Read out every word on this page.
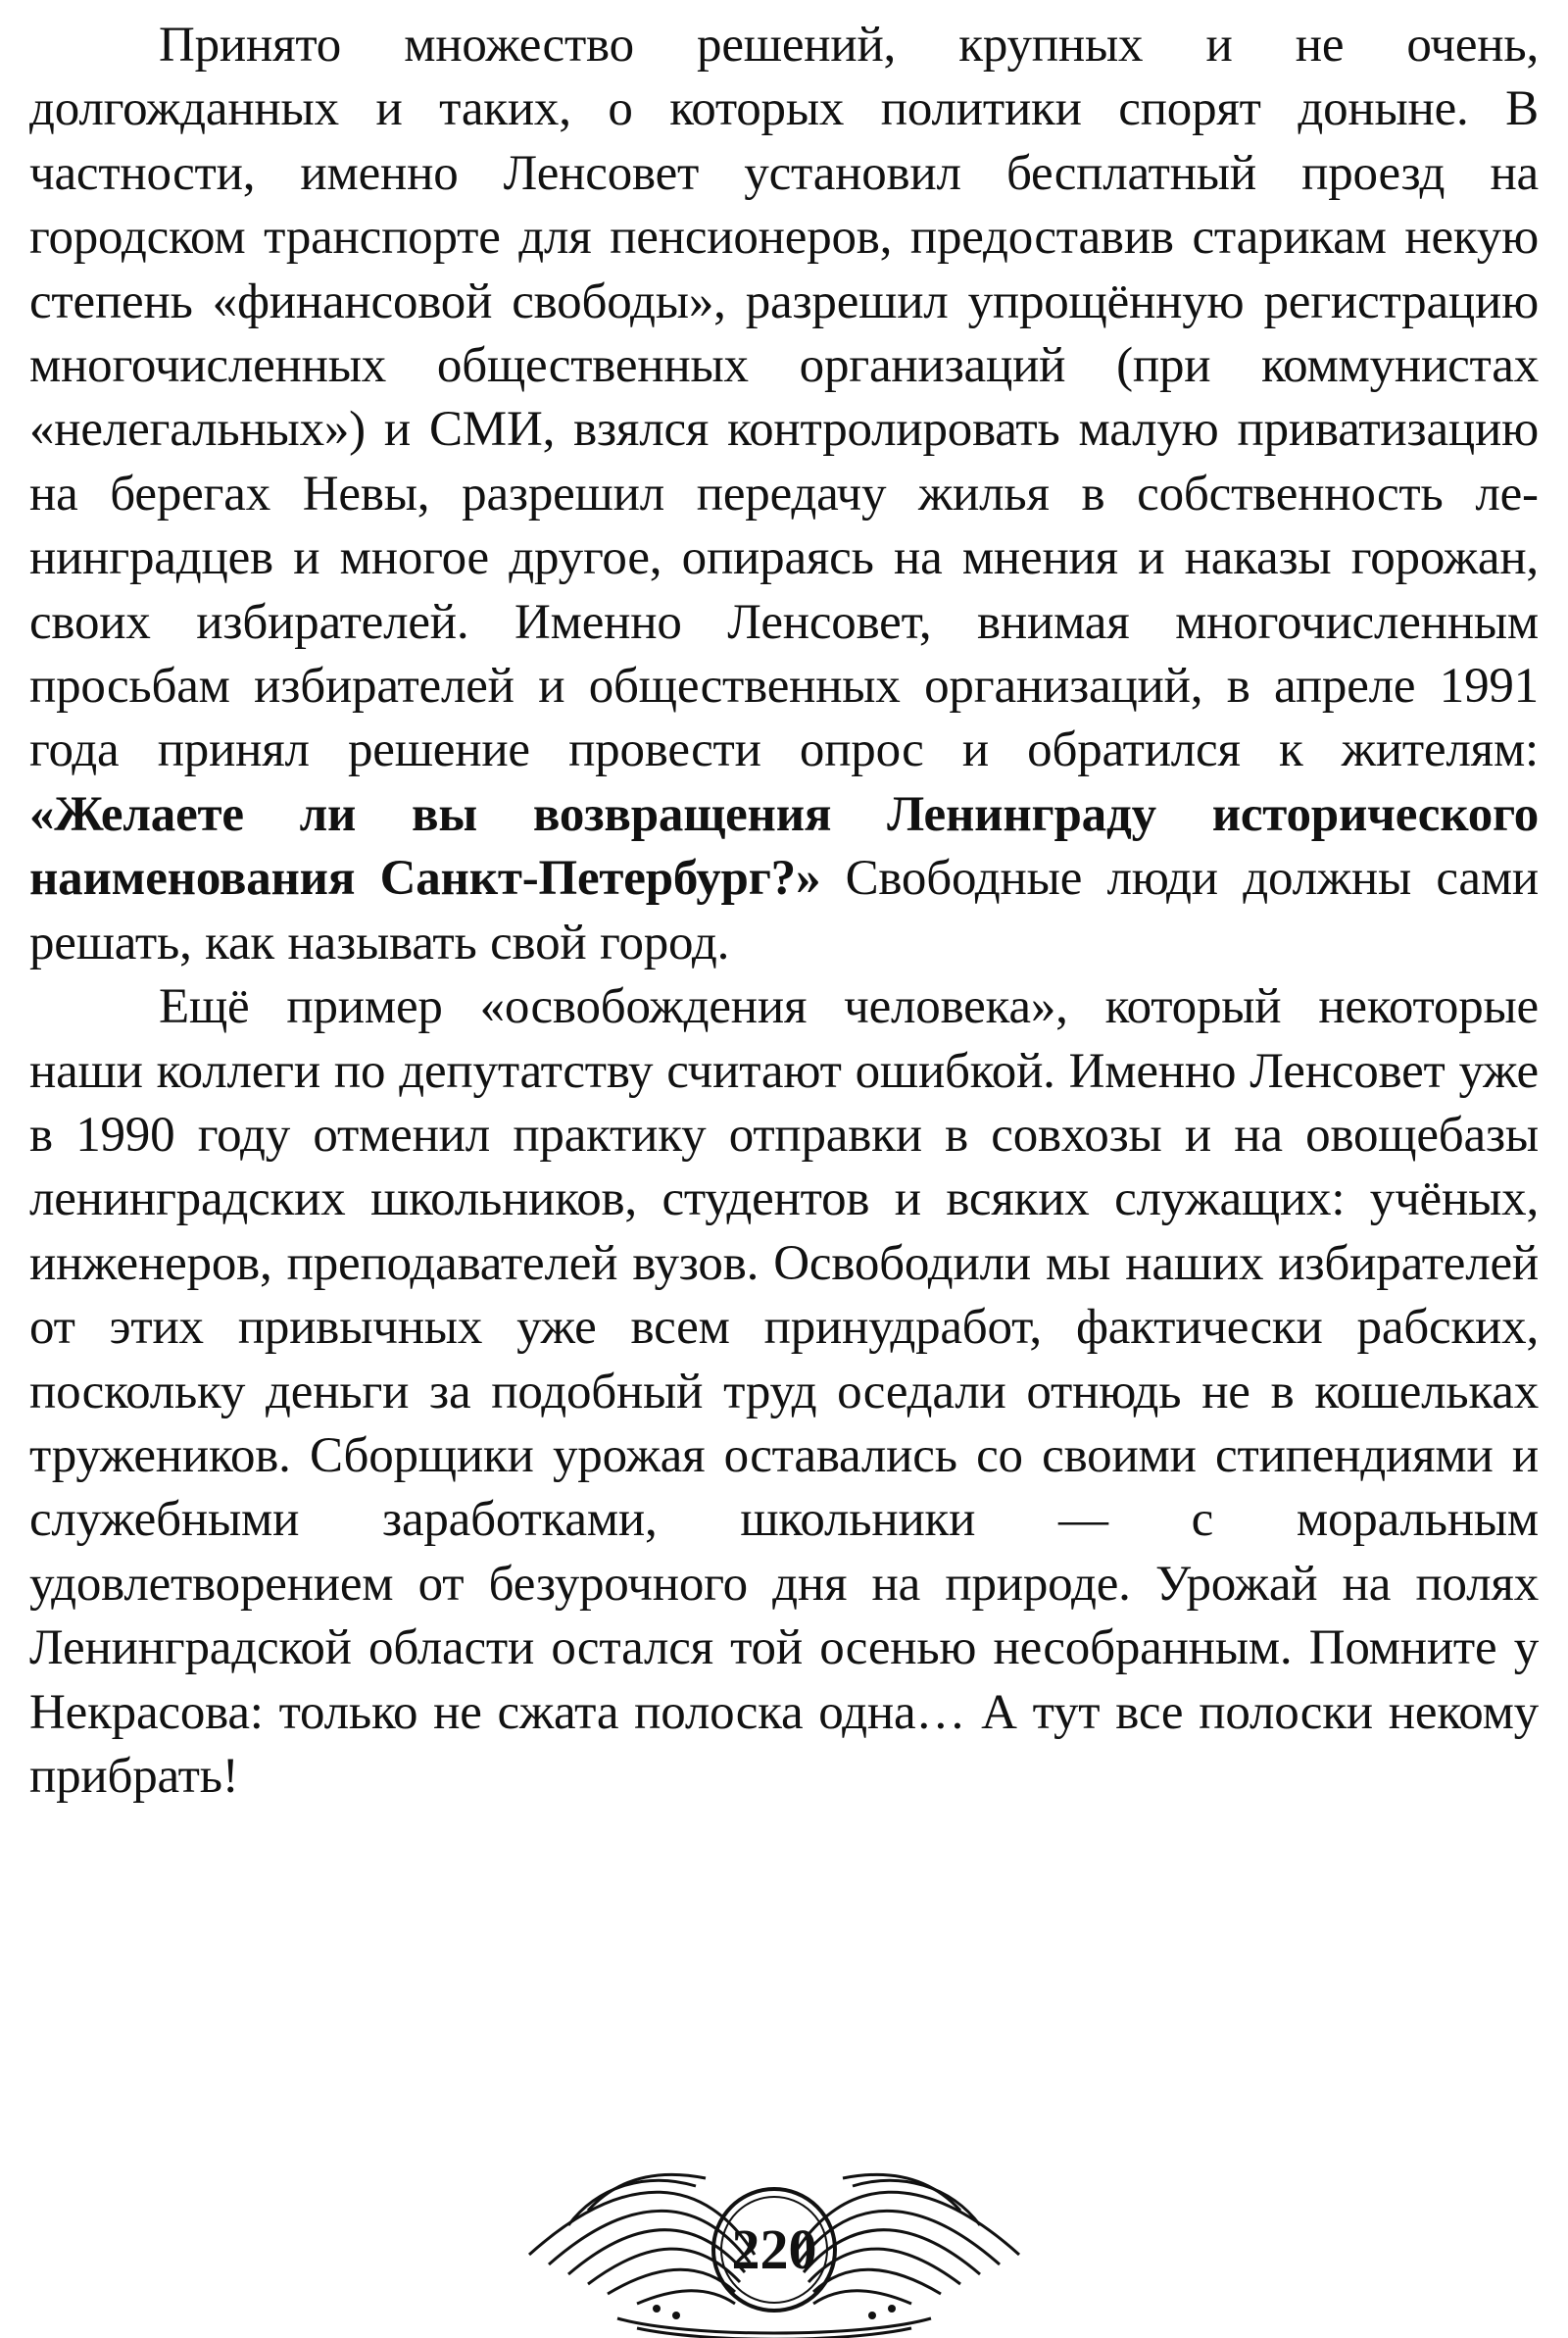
Принято множество решений, крупных и не очень, долгожданных и таких, о которых политики спорят доныне. В частности, именно Ленсовет установил бесплатный проезд на городском транспорте для пенсионеров, предоставив старикам некую степень «финансовой свободы», разрешил упрощённую регистрацию многочисленных общественных организаций (при коммунистах «нелегальных») и СМИ, взялся контролировать малую приватизацию на берегах Невы, разрешил передачу жилья в собственность ленинградцев и многое другое, опираясь на мнения и наказы горожан, своих избирателей. Именно Ленсовет, внимая многочисленным просьбам избирателей и общественных организаций, в апреле 1991 года принял решение провести опрос и обратился к жителям: «Желаете ли вы возвращения Ленинграду исторического наименования Санкт-Петербург?» Свободные люди должны сами решать, как называть свой город.

Ещё пример «освобождения человека», который некоторые наши коллеги по депутатству считают ошибкой. Именно Ленсовет уже в 1990 году отменил практику отправки в совхозы и на овощебазы ленинградских школьников, студентов и всяких служащих: учёных, инженеров, преподавателей вузов. Освободили мы наших избирателей от этих привычных уже всем принудработ, фактически рабских, поскольку деньги за подобный труд оседали отнюдь не в кошельках тружеников. Сборщики урожая оставались со своими стипендиями и служебными заработками, школьники — с моральным удовлетворением от безурочного дня на природе. Урожай на полях Ленинградской области остался той осенью несобранным. Помните у Некрасова: только не сжата полоска одна… А тут все полоски некому прибрать!

220
